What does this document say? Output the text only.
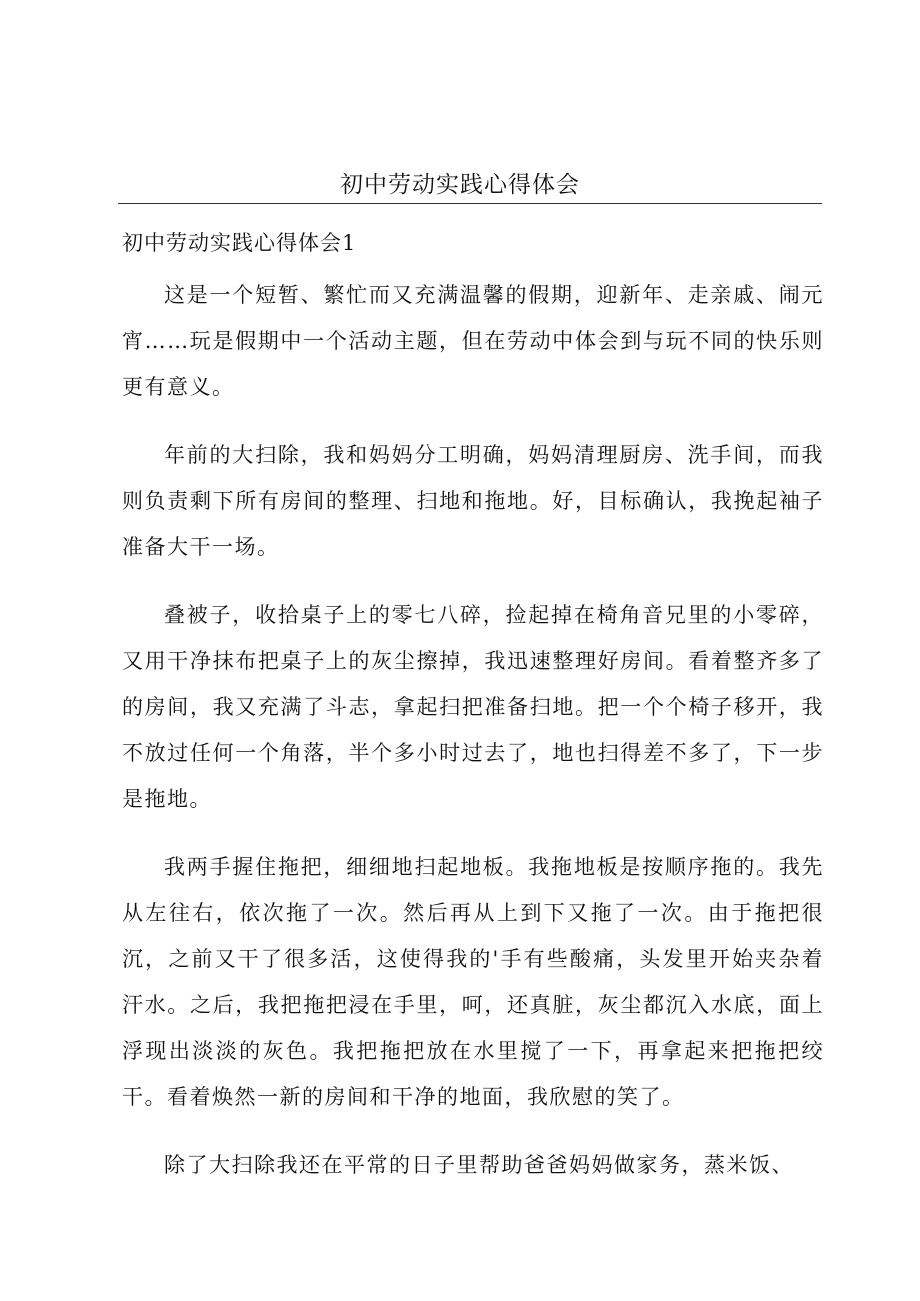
初中劳动实践心得体会
初中劳动实践心得体会1

这是一个短暂、繁忙而又充满温馨的假期，迎新年、走亲戚、闹元宵……玩是假期中一个活动主题，但在劳动中体会到与玩不同的快乐则更有意义。

年前的大扫除，我和妈妈分工明确，妈妈清理厨房、洗手间，而我则负责剩下所有房间的整理、扫地和拖地。好，目标确认，我挽起袖子准备大干一场。

叠被子，收拾桌子上的零七八碎，捡起掉在椅角音兄里的小零碎，又用干净抹布把桌子上的灰尘擦掉，我迅速整理好房间。看着整齐多了的房间，我又充满了斗志，拿起扫把准备扫地。把一个个椅子移开，我不放过任何一个角落，半个多小时过去了，地也扫得差不多了，下一步是拖地。

我两手握住拖把，细细地扫起地板。我拖地板是按顺序拖的。我先从左往右，依次拖了一次。然后再从上到下又拖了一次。由于拖把很沉，之前又干了很多活，这使得我的'手有些酸痛，头发里开始夹杂着汗水。之后，我把拖把浸在手里，呵，还真脏，灰尘都沉入水底，面上浮现出淡淡的灰色。我把拖把放在水里搅了一下，再拿起来把拖把绞干。看着焕然一新的房间和干净的地面，我欣慰的笑了。

除了大扫除我还在平常的日子里帮助爸爸妈妈做家务，蒸米饭、
